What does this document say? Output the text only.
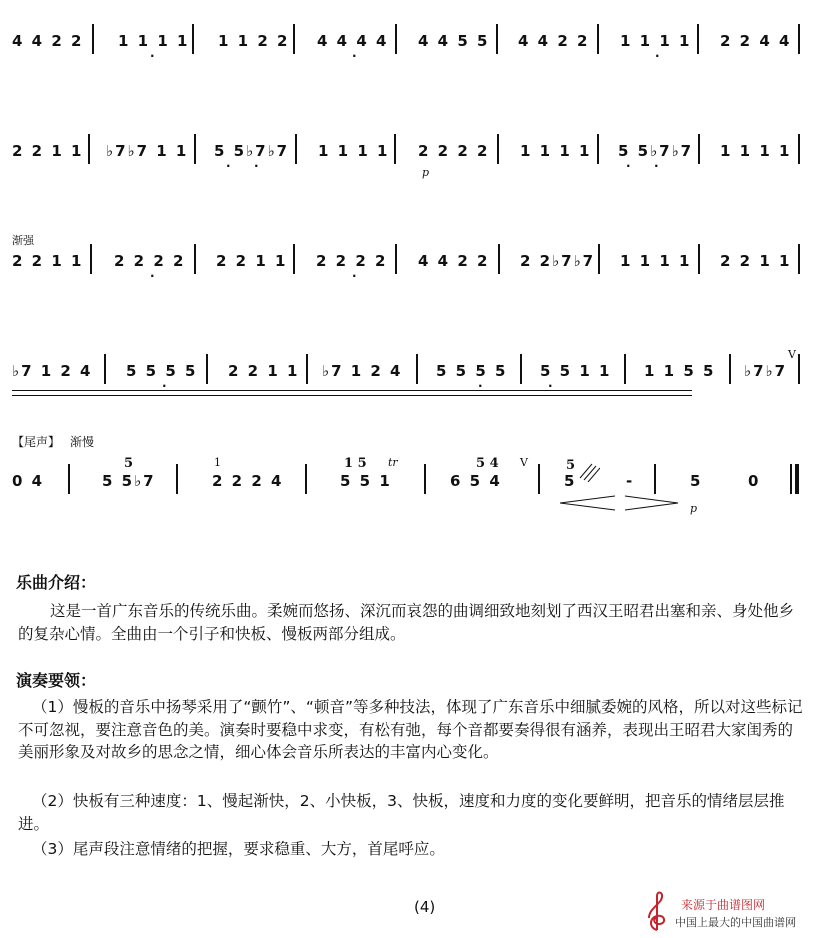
4 4 2 2 1 1 1 1 1 1 2 2 4 4 4 4 4 4 5 5 4 4 2 2 1 1 1 1 2 2 4 4
.	.	.
2 2 1 1 ♭7♭7 1 1 5 5♭7♭7 1 1 1 1 2 2 2 2 1 1 1 1 5 5♭7♭7 1 1 1 1
p
. .	. .
渐强
2 2 1 1 2 2 2 2 2 2 1 1 2 2 2 2 4 4 2 2 2 2♭7♭7 1 1 1 1 2 2 1 1
.	.
♭7 1 2 4 5 5 5 5 2 2 1 1 ♭7 1 2 4 5 5 5 5 5 5 1 1 1 1 5 5 ♭7♭7
V
.	.	.
【尾声】 渐慢
0 4
5
5 5♭7
1
2 2 2 4
1 5 tr
5 5 1
5 4 V
6 5 4
5
5	-	5	0
p
乐曲介绍：
这是一首广东音乐的传统乐曲。柔婉而悠扬、深沉而哀怨的曲调细致地刻划了西汉王昭君出塞和亲、身处他乡的复杂心情。全曲由一个引子和快板、慢板两部分组成。
演奏要领：
（1）慢板的音乐中扬琴采用了“颤竹”、“顿音”等多种技法，体现了广东音乐中细腻委婉的风格，所以对这些标记不可忽视，要注意音色的美。演奏时要稳中求变，有松有弛，每个音都要奏得很有涵养，表现出王昭君大家闺秀的美丽形象及对故乡的思念之情，细心体会音乐所表达的丰富内心变化。
（2）快板有三种速度：1、慢起渐快，2、小快板，3、快板，速度和力度的变化要鲜明，把音乐的情绪层层推进。
（3）尾声段注意情绪的把握，要求稳重、大方，首尾呼应。
(4)	来源于曲谱图网
中国上最大的中国曲谱网
